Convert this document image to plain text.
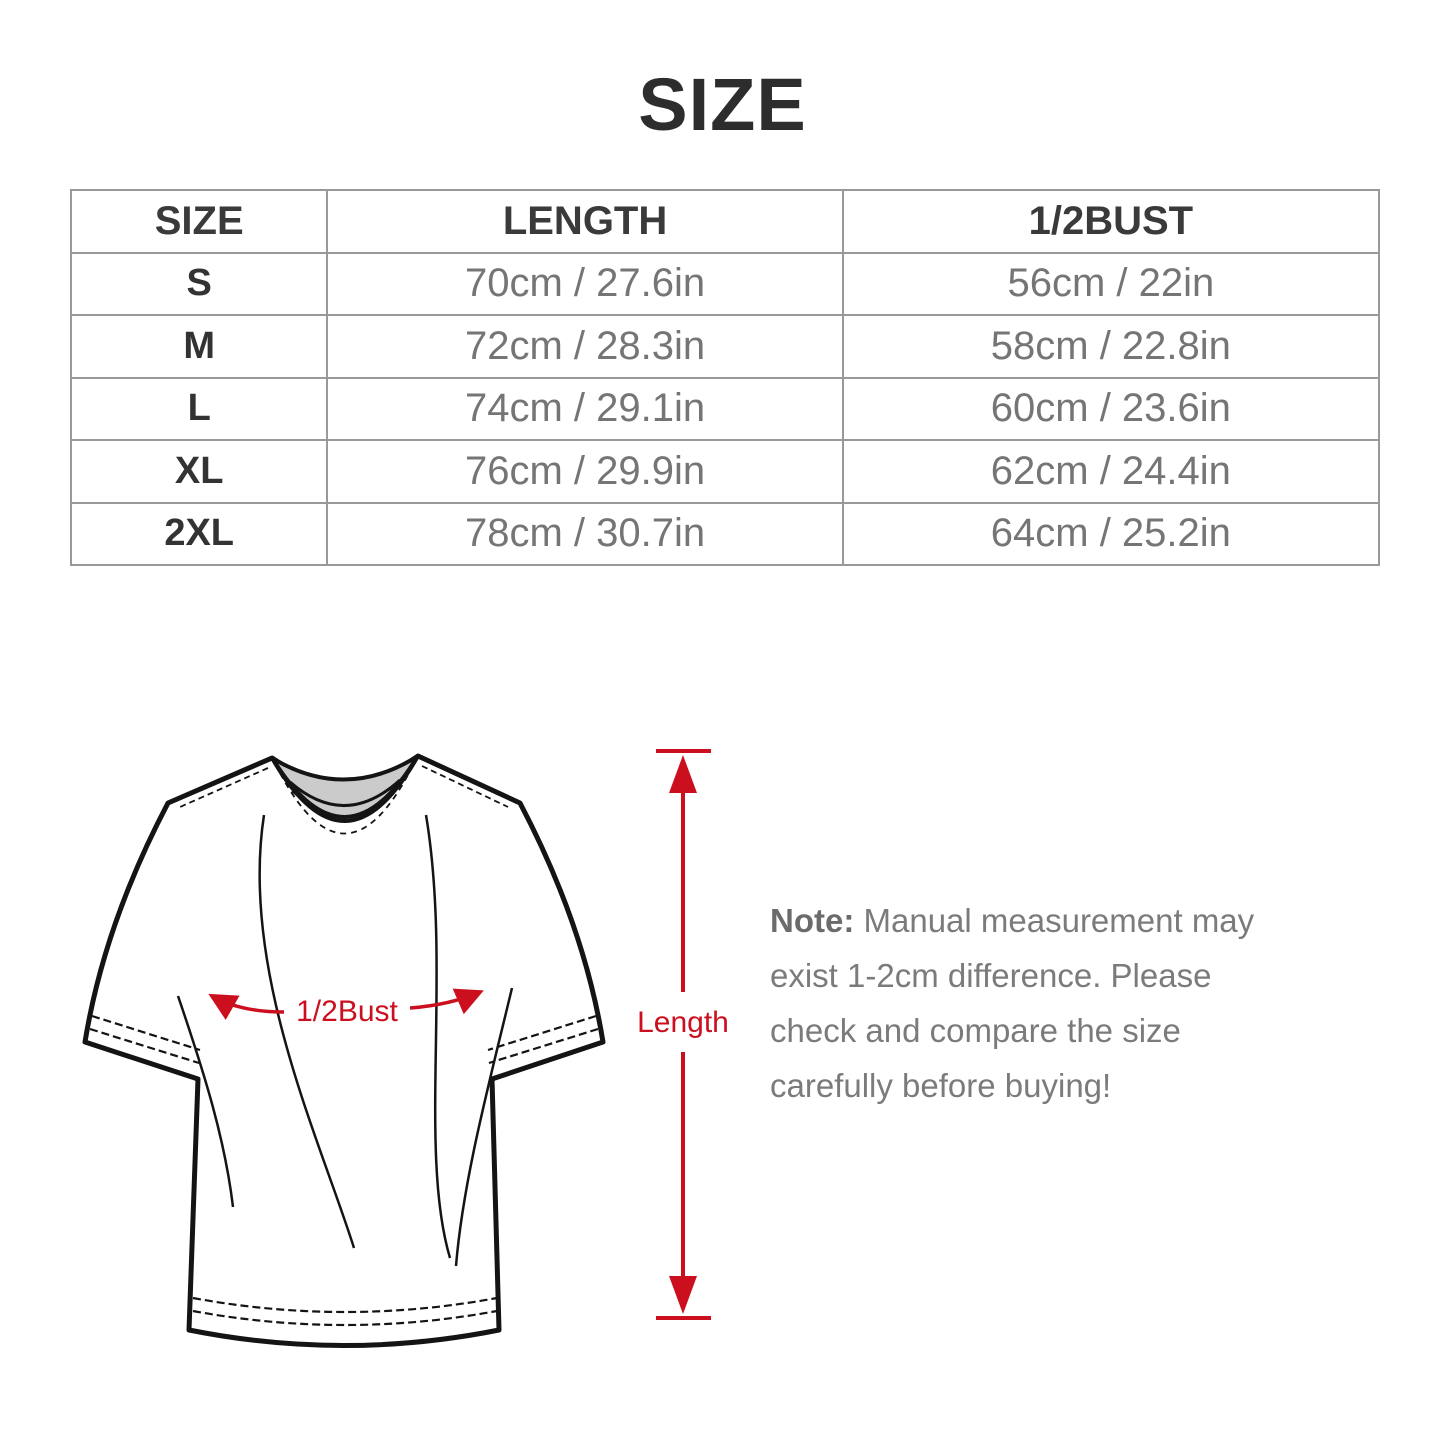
SIZE
SIZE	LENGTH	1/2BUST
S	70cm / 27.6in	56cm / 22in
M	72cm / 28.3in	58cm / 22.8in
L	74cm / 29.1in	60cm / 23.6in
XL	76cm / 29.9in	62cm / 24.4in
2XL	78cm / 30.7in	64cm / 25.2in
1/2Bust	Length
Note: Manual measurement may
exist 1-2cm difference. Please
check and compare the size
carefully before buying!
